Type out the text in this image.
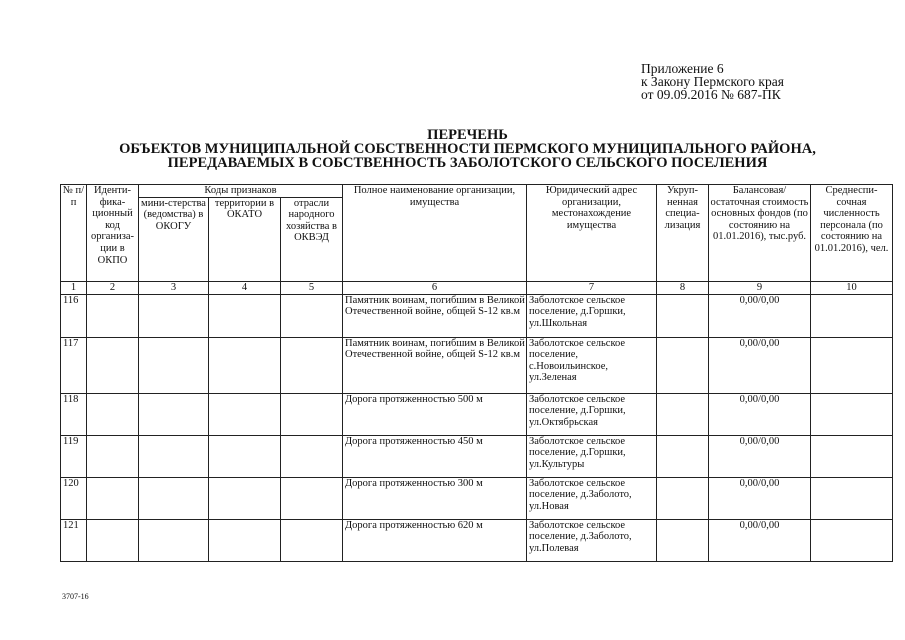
Приложение 6
к Закону Пермского края
от 09.09.2016 № 687-ПК
ПЕРЕЧЕНЬ
ОБЪЕКТОВ МУНИЦИПАЛЬНОЙ СОБСТВЕННОСТИ ПЕРМСКОГО МУНИЦИПАЛЬНОГО РАЙОНА,
ПЕРЕДАВАЕМЫХ В СОБСТВЕННОСТЬ ЗАБОЛОТСКОГО СЕЛЬСКОГО ПОСЕЛЕНИЯ
№ п/п	Иденти-фика-ционный код организа-ции в ОКПО	Коды признаков			Полное наименование организации, имущества	Юридический адрес организации, местонахождение имущества	Укруп-ненная специа-лизация	Балансовая/ остаточная стоимость основных фондов (по состоянию на 01.01.2016), тыс.руб.	Среднеспи-сочная численность персонала (по состоянию на 01.01.2016), чел.
		мини-стерства (ведомства) в ОКОГУ	территории в ОКАТО	отрасли народного хозяйства в ОКВЭД					
1	2	3	4	5	6	7	8	9	10
116					Памятник воинам, погибшим в Великой Отечественной войне, общей S-12 кв.м	Заболотское сельское поселение, д.Горшки, ул.Школьная		0,00/0,00	
117					Памятник воинам, погибшим в Великой Отечественной войне, общей S-12 кв.м	Заболотское сельское поселение, с.Новоильинское, ул.Зеленая		0,00/0,00	
118					Дорога протяженностью 500 м	Заболотское сельское поселение, д.Горшки, ул.Октябрьская		0,00/0,00	
119					Дорога протяженностью 450 м	Заболотское сельское поселение, д.Горшки, ул.Культуры		0,00/0,00	
120					Дорога протяженностью 300 м	Заболотское сельское поселение, д.Заболото, ул.Новая		0,00/0,00	
121					Дорога протяженностью 620 м	Заболотское сельское поселение, д.Заболото, ул.Полевая		0,00/0,00	
3707-16
